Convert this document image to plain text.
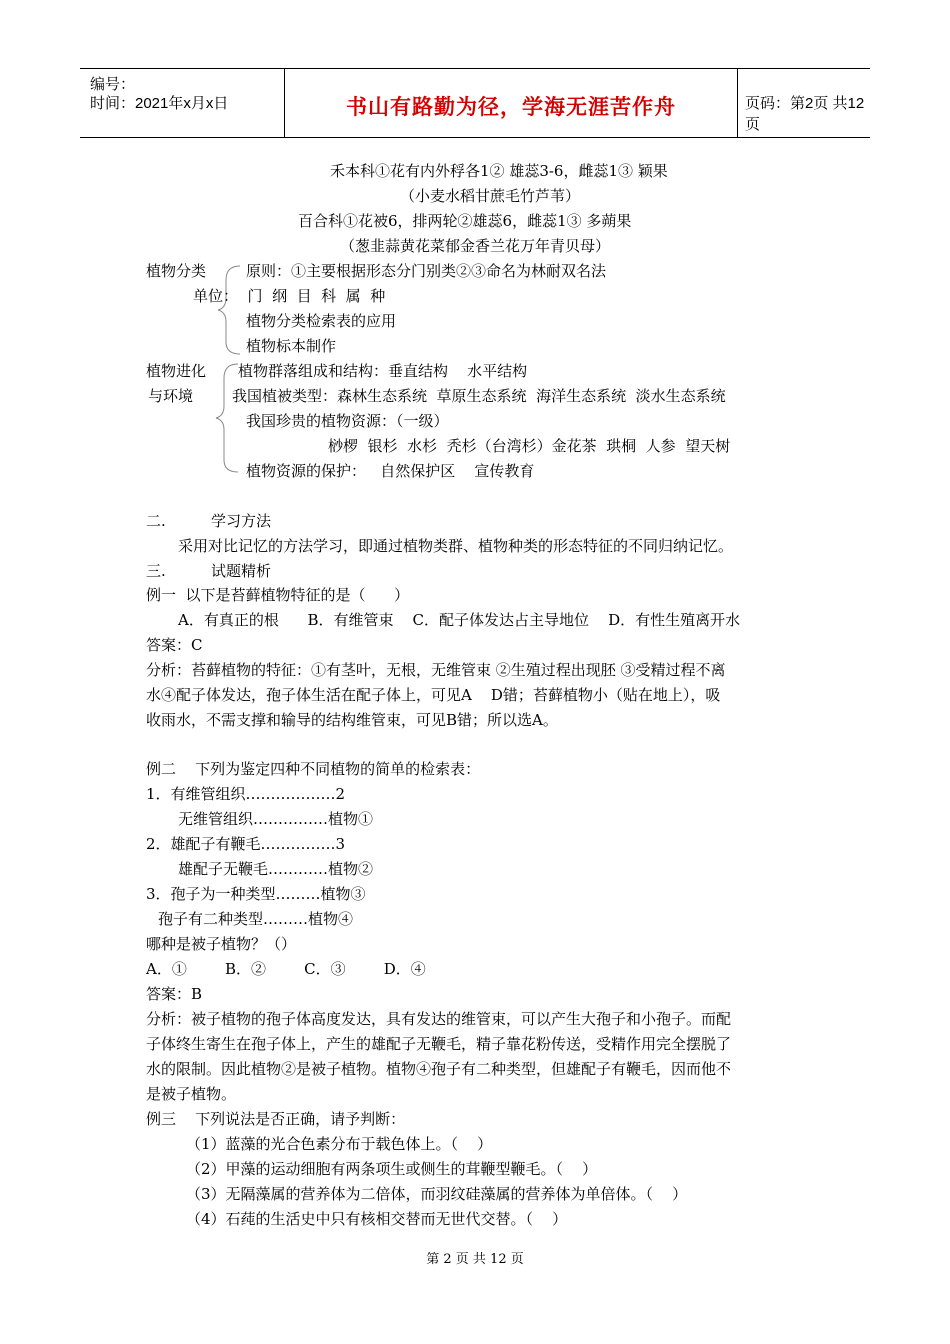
编号：
时间：2021年x月x日	书山有路勤为径，学海无涯苦作舟	页码：第2页 共12页
禾本科①花有内外稃各1② 雄蕊3-6，雌蕊1③ 颖果
（小麦水稻甘蔗毛竹芦苇）
百合科①花被6，排两轮②雄蕊6，雌蕊1③ 多蒴果
（葱韭蒜黄花菜郁金香兰花万年青贝母）
植物分类	原则：①主要根据形态分门别类②③命名为林耐双名法
单位：  门  纲  目  科  属  种
植物分类检索表的应用
植物标本制作
植物进化
与环境
植物群落组成和结构：垂直结构    水平结构
我国植被类型：森林生态系统  草原生态系统  海洋生态系统  淡水生态系统
我国珍贵的植物资源：（一级）
桫椤  银杉  水杉  秃杉（台湾杉）金花茶  珙桐  人参  望天树
植物资源的保护：   自然保护区    宣传教育
二.	学习方法
采用对比记忆的方法学习，即通过植物类群、植物种类的形态特征的不同归纳记忆。
三.	试题精析
例一  以下是苔藓植物特征的是（      ）
A．有真正的根      B．有维管束    C．配子体发达占主导地位    D．有性生殖离开水
答案：C
分析：苔藓植物的特征：①有茎叶，无根，无维管束 ②生殖过程出现胚 ③受精过程不离
水④配子体发达，孢子体生活在配子体上，可见A    D错；苔藓植物小（贴在地上），吸
收雨水，不需支撑和输导的结构维管束，可见B错；所以选A。
例二    下列为鉴定四种不同植物的简单的检索表：
1．有维管组织………………2
无维管组织……………植物①
2．雄配子有鞭毛……………3
雄配子无鞭毛…………植物②
3．孢子为一种类型………植物③
孢子有二种类型………植物④
哪种是被子植物？（）
A．①        B．②        C．③        D．④
答案：B
分析：被子植物的孢子体高度发达，具有发达的维管束，可以产生大孢子和小孢子。而配
子体终生寄生在孢子体上，产生的雄配子无鞭毛，精子靠花粉传送，受精作用完全摆脱了
水的限制。因此植物②是被子植物。植物④孢子有二种类型，但雄配子有鞭毛，因而他不
是被子植物。
例三    下列说法是否正确，请予判断：
（1）蓝藻的光合色素分布于载色体上。（    ）
（2）甲藻的运动细胞有两条项生或侧生的茸鞭型鞭毛。（    ）
（3）无隔藻属的营养体为二倍体，而羽纹硅藻属的营养体为单倍体。（    ）
（4）石莼的生活史中只有核相交替而无世代交替。（    ）
第 2 页 共 12 页
